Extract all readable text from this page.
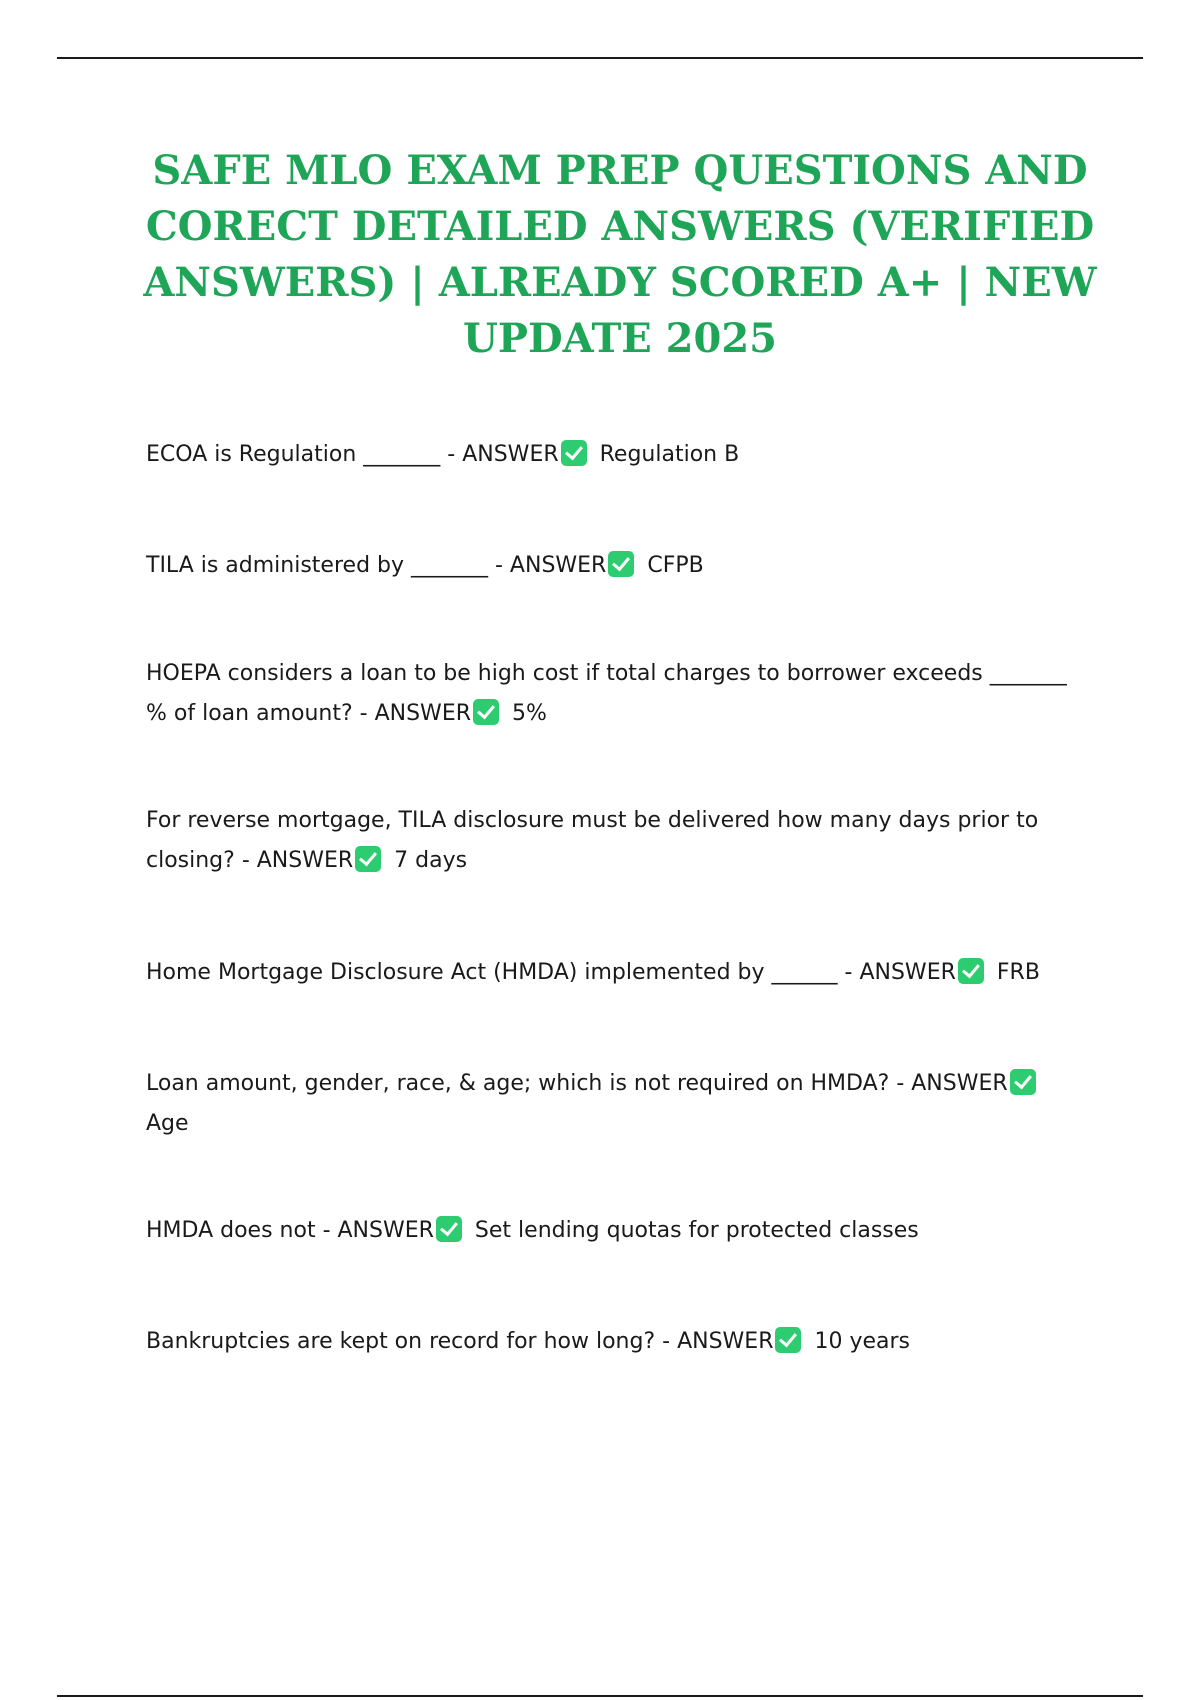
SAFE MLO EXAM PREP QUESTIONS AND CORECT DETAILED ANSWERS (VERIFIED ANSWERS) | ALREADY SCORED A+ | NEW UPDATE 2025

ECOA is Regulation _______ - ANSWER Regulation B

TILA is administered by _______ - ANSWER CFPB

HOEPA considers a loan to be high cost if total charges to borrower exceeds _______ % of loan amount? - ANSWER 5%

For reverse mortgage, TILA disclosure must be delivered how many days prior to closing? - ANSWER 7 days

Home Mortgage Disclosure Act (HMDA) implemented by ______ - ANSWER FRB

Loan amount, gender, race, & age; which is not required on HMDA? - ANSWER Age

HMDA does not - ANSWER Set lending quotas for protected classes

Bankruptcies are kept on record for how long? - ANSWER 10 years
